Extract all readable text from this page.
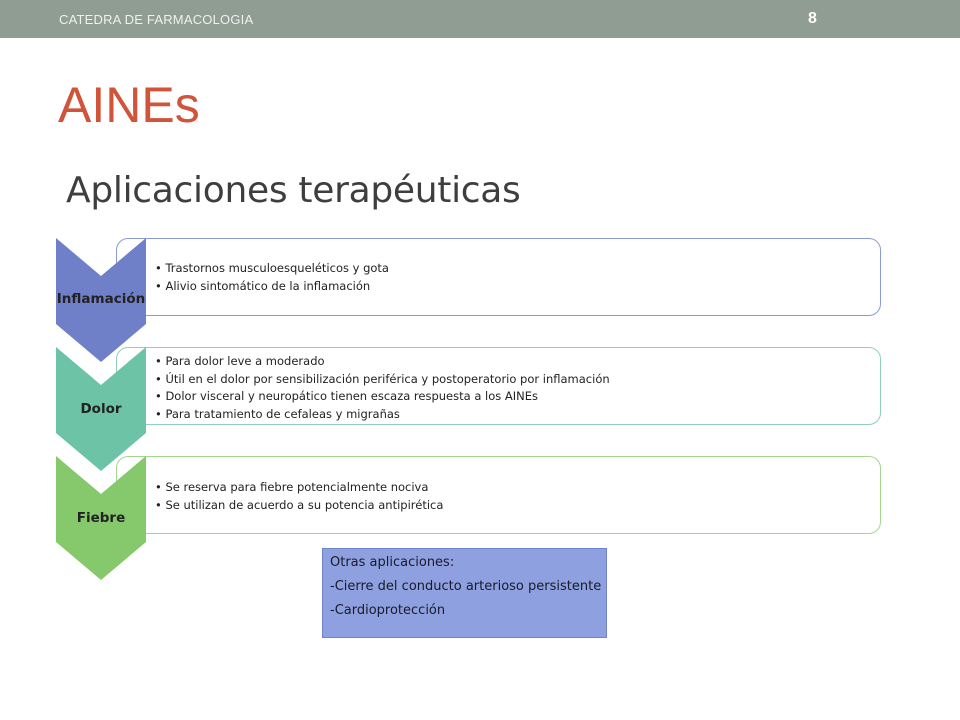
CATEDRA DE FARMACOLOGIA	8
AINEs
Aplicaciones terapéuticas
• Trastornos musculoesqueléticos y gota
• Alivio sintomático de la inflamación
Inflamación
• Para dolor leve a moderado
• Útil en el dolor por sensibilización periférica y postoperatorio por inflamación
• Dolor visceral y neuropático tienen escaza respuesta a los AINEs
• Para tratamiento de cefaleas y migrañas
Dolor
• Se reserva para fiebre potencialmente nociva
• Se utilizan de acuerdo a su potencia antipirética
Fiebre
Otras aplicaciones:
-Cierre del conducto arterioso persistente
-Cardioprotección
